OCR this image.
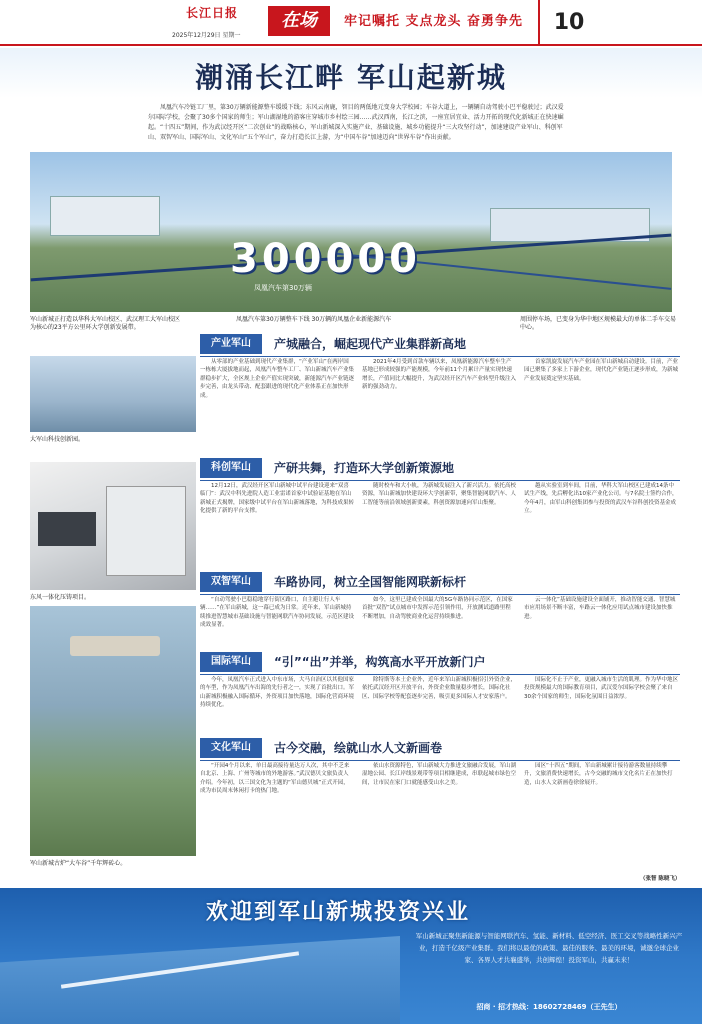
长江日报
2025年12月29日 星期一
在场	牢记嘱托 支点龙头 奋勇争先	10
潮涌长江畔 军山起新城
凤凰汽车冷链工厂里，第30万辆新能源整车缓缓下线；东风云南鹿，智目的两低地元变身大学校园；车谷大道上，一辆辆自动驾驶小巴平稳驶过；武汉爱尔国际学校，会聚了30多个国家的师生；军山湖湿地的游客庄穿城市乡村绘三园……武汉西南，长江之滨，一座宜居宜业、活力开拓的现代化新城正在快速崛起。“十四五”期间，作为武汉经开区“二次创业”的战略核心，军山新城深入实施产业、基础设施、城乡功能提升“三大攻坚行动”，加速建设产业军山、科创军山、双智军山、国际军山、文化军山“五个军山”，奋力打造长江上游，为“中国车谷”加速迈向“世界车谷”作出贡献。
300000
凤凰汽车第30万辆
军山新城正打造以华科大军山校区、武汉理工大军山校区为核心的23平方公里环大学创新发展带。
凤凰汽车第30万辆整车下线 30万辆的凤凰企业新能源汽车	周围停车场，已变身为华中地区规模最大的单体二手车交易中心。
产业军山	产城融合，崛起现代产业集群新高地
大军山科技创新园。
从零部的产业基础到现代产业集群，“产业军山”在两岸国一栋栋大厦拔地而起，凤凰汽车整车工厂、军山新城汽车产业集群稳步扩大，全区规上企业产值实现突破，新能源汽车产业链逐步完善，由龙头带动、配套跟进的现代化产业体系正在加快形成。
2021年4月受到首款车辆以来，凤凰新能源汽车整车生产基地已形成较强的产能规模，今年前11个月累计产量实现快速增长，产值同比大幅提升，为武汉经开区汽车产业转型升级注入新的强劲动力。
首家凯旋发展汽车产业园在军山新城启动建设。目前，产业园已聚集了多家上下游企业，现代化产业链正逐步形成，为新城产业发展奠定坚实基础。
科创军山	产研共舞，打造环大学创新策源地
东风一体化压铸项目。
12月12日，武汉经开区军山新城中试平台建设迎来“双喜临门”：武汉中科先进院人造工业雷诺首家中试验证基地在军山新城正式揭牌，国家级中试平台在军山新城落地，为科技成果转化提供了新的平台支撑。
随时校车和大小轨，为新城发展注入了新兴活力。依托高校资源，军山新城加快建设环大学创新带，聚集智能网联汽车、人工智能等前沿领域创新要素，科创资源加速向军山集聚。
越从实验室到车间，目前，华科大军山校区已建成14条中试生产线，先后孵化出10家产业化公司。与7名院士签约合作，今年4月，由军山科创集团参与投资的武汉车谷科创投资基金成立。
双智军山	车路协同，树立全国智能网联新标杆
“自动驾驶小巴稳稳地穿行街区路口，自主避让行人车辆……”在军山新城，这一幕已成为日常。近年来，军山新城持续推进智慧城市基础设施与智能网联汽车协同发展，示范区建设成效显著。
如今，这里已建成全国最大的5G车路协同示范区，在国家首批“双智”试点城市中发挥示范引领作用，开放测试道路里程不断增加，自动驾驶商业化运营持续推进。
云一体化”基础设施建设全面铺开，推动智能交通、智慧城市应用场景不断丰富，车路云一体化应用试点城市建设加快推进。
国际军山	“引”“出”并举，构筑高水平开放新门户
军山新城古炉“大车谷”千年辉砖心。
今年，凤凰汽车正式进入中东市场，大马自治区以其他国家的车型，作为凤凰汽车出海的先行者之一，实现了首批出口。军山新城积极融入国际循环，外资项目加快落地，国际化营商环境持续优化。
除特斯等本土企业外，近年来军山新城积极招引外资企业，依托武汉经开区开放平台，外资企业数量稳步增长，国际化社区、国际学校等配套逐步完善，吸引更多国际人才安家落户。
国际化不止于产业，更融入城市生活的肌理。作为华中地区投资规模最大的国际教育项目，武汉爱尔国际学校会聚了来自30余个国家的师生，国际化氛围日益浓厚。
文化军山	古今交融，绘就山水人文新画卷
“开园4个月以来，单日最高接待量达万人次，其中不乏来自北京、上海、广州等城市的外地游客。”武汉德贝文旅负责人介绍。今年初，以三国文化为主题的“军山德贝城”正式开园，成为市民周末休闲打卡的热门地。
依山水资源特色，军山新城大力推进文旅融合发展，军山湖湿地公园、长江岸线景观带等项目相继建成，串联起城市绿色空间，让市民在家门口就能感受山水之美。
园区“十四五”期间，军山新城累计接待游客数量持续攀升，文旅消费快速增长，古今交融的城市文化名片正在加快打造，山水人文新画卷徐徐展开。
（张智 陈晓飞）
欢迎到军山新城投资兴业
军山新城正聚焦新能源与智能网联汽车、氢能、新材料、低空经济、医工交叉等战略性新兴产业，打造千亿级产业集群。我们将以最优的政策、最佳的服务、最美的环境，诚邀全球企业家、各界人才共襄盛举，共创辉煌！投资军山，共赢未来！
招商 · 招才热线：18602728469（王先生）
